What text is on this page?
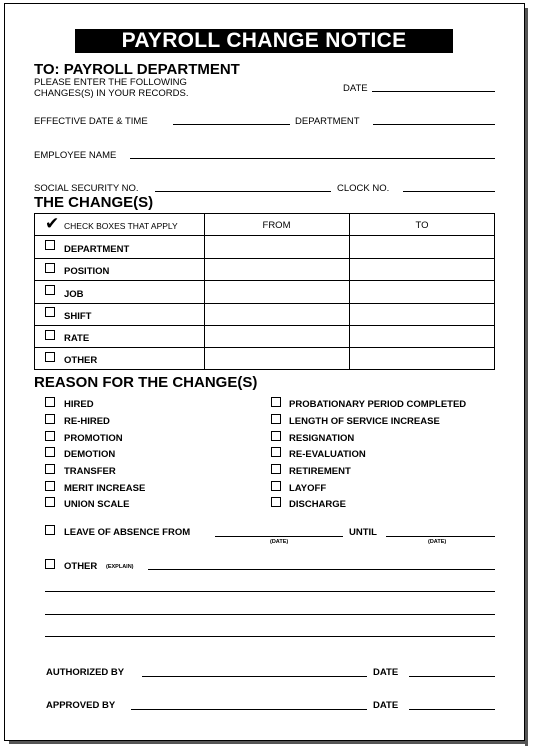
PAYROLL CHANGE NOTICE
TO: PAYROLL DEPARTMENT
PLEASE ENTER THE FOLLOWING
CHANGES(S) IN YOUR RECORDS.	DATE
EFFECTIVE DATE & TIME	DEPARTMENT
EMPLOYEE NAME
SOCIAL SECURITY NO.	CLOCK NO.
THE CHANGE(S)
✔ CHECK BOXES THAT APPLY	FROM	TO
DEPARTMENT
POSITION
JOB
SHIFT
RATE
OTHER
REASON FOR THE CHANGE(S)
HIRED
RE-HIRED
PROMOTION
DEMOTION
TRANSFER
MERIT INCREASE
UNION SCALE
PROBATIONARY PERIOD COMPLETED
LENGTH OF SERVICE INCREASE
RESIGNATION
RE-EVALUATION
RETIREMENT
LAYOFF
DISCHARGE
LEAVE OF ABSENCE FROM
(DATE)
UNTIL
(DATE)
OTHER (EXPLAIN)
AUTHORIZED BY	DATE
APPROVED BY	DATE
